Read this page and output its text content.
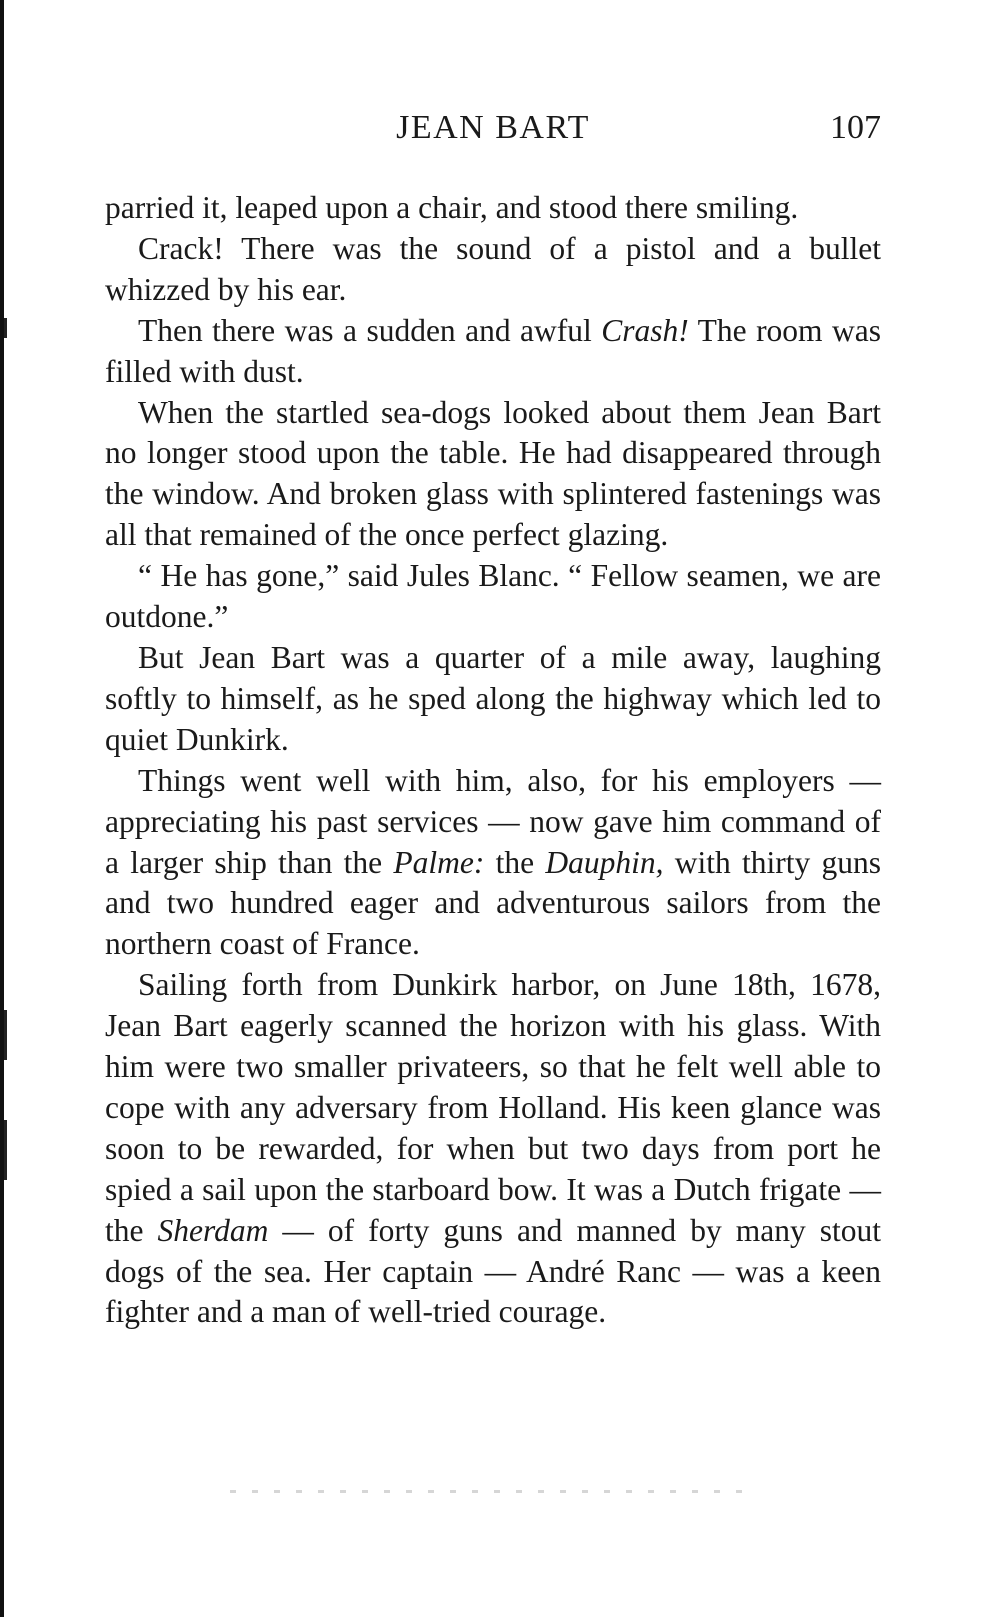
JEAN BART	107

parried it, leaped upon a chair, and stood there smiling.

Crack! There was the sound of a pistol and a bullet whizzed by his ear.

Then there was a sudden and awful Crash! The room was filled with dust.

When the startled sea-dogs looked about them Jean Bart no longer stood upon the table. He had disappeared through the window. And broken glass with splintered fastenings was all that remained of the once perfect glazing.

“ He has gone,” said Jules Blanc. “ Fellow seamen, we are outdone.”

But Jean Bart was a quarter of a mile away, laughing softly to himself, as he sped along the highway which led to quiet Dunkirk.

Things went well with him, also, for his employers — appreciating his past services — now gave him command of a larger ship than the Palme: the Dauphin, with thirty guns and two hundred eager and adventurous sailors from the northern coast of France.

Sailing forth from Dunkirk harbor, on June 18th, 1678, Jean Bart eagerly scanned the horizon with his glass. With him were two smaller privateers, so that he felt well able to cope with any adversary from Holland. His keen glance was soon to be rewarded, for when but two days from port he spied a sail upon the starboard bow. It was a Dutch frigate — the Sherdam — of forty guns and manned by many stout dogs of the sea. Her captain — André Ranc — was a keen fighter and a man of well-tried courage.
